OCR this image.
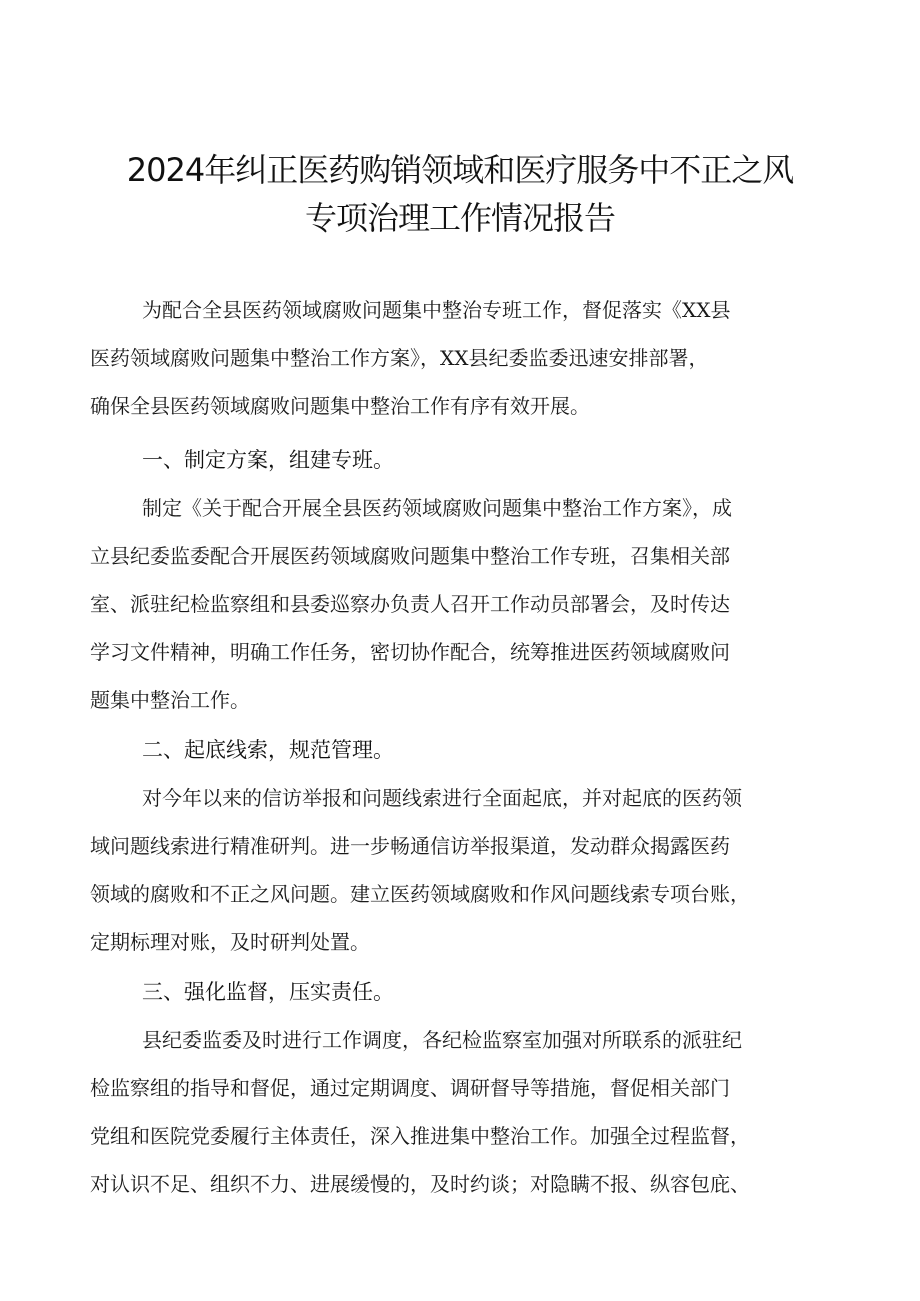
2024年纠正医药购销领域和医疗服务中不正之风
专项治理工作情况报告
为配合全县医药领域腐败问题集中整治专班工作，督促落实《XX县
医药领域腐败问题集中整治工作方案》，XX县纪委监委迅速安排部署，
确保全县医药领域腐败问题集中整治工作有序有效开展。
一、制定方案，组建专班。
制定《关于配合开展全县医药领域腐败问题集中整治工作方案》，成
立县纪委监委配合开展医药领域腐败问题集中整治工作专班，召集相关部
室、派驻纪检监察组和县委巡察办负责人召开工作动员部署会，及时传达
学习文件精神，明确工作任务，密切协作配合，统筹推进医药领域腐败问
题集中整治工作。
二、起底线索，规范管理。
对今年以来的信访举报和问题线索进行全面起底，并对起底的医药领
域问题线索进行精准研判。进一步畅通信访举报渠道，发动群众揭露医药
领域的腐败和不正之风问题。建立医药领域腐败和作风问题线索专项台账，
定期标理对账，及时研判处置。
三、强化监督，压实责任。
县纪委监委及时进行工作调度，各纪检监察室加强对所联系的派驻纪
检监察组的指导和督促，通过定期调度、调研督导等措施，督促相关部门
党组和医院党委履行主体责任，深入推进集中整治工作。加强全过程监督，
对认识不足、组织不力、进展缓慢的，及时约谈；对隐瞒不报、纵容包庇、
